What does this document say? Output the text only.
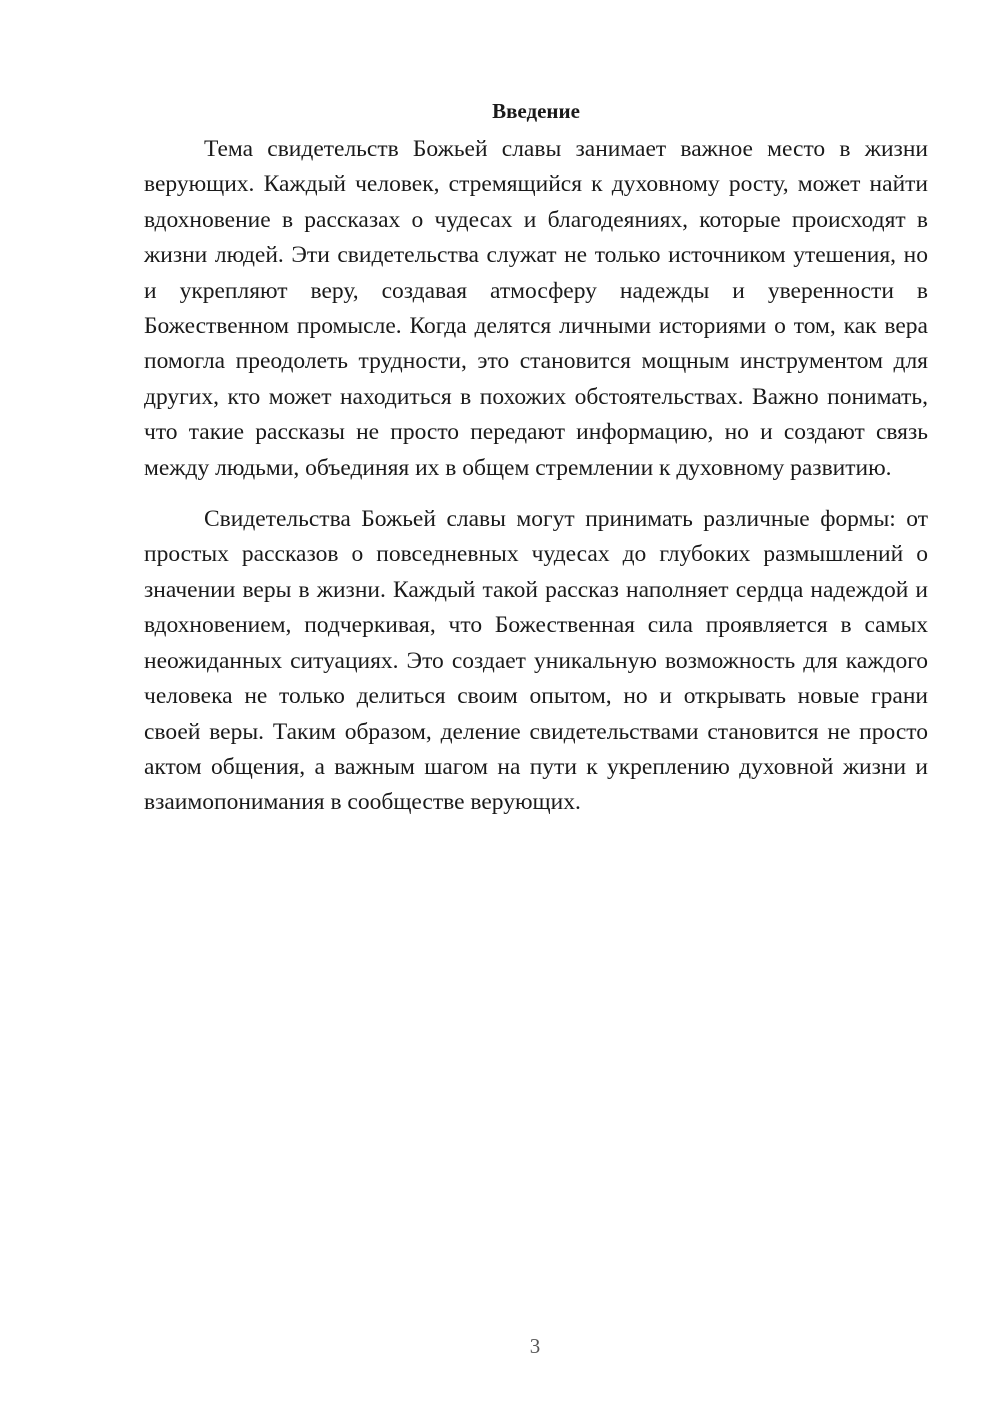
Введение

Тема свидетельств Божьей славы занимает важное место в жизни верующих. Каждый человек, стремящийся к духовному росту, может найти вдохновение в рассказах о чудесах и благодеяниях, которые происходят в жизни людей. Эти свидетельства служат не только источником утешения, но и укрепляют веру, создавая атмосферу надежды и уверенности в Божественном промысле. Когда делятся личными историями о том, как вера помогла преодолеть трудности, это становится мощным инструментом для других, кто может находиться в похожих обстоятельствах. Важно понимать, что такие рассказы не просто передают информацию, но и создают связь между людьми, объединяя их в общем стремлении к духовному развитию.

Свидетельства Божьей славы могут принимать различные формы: от простых рассказов о повседневных чудесах до глубоких размышлений о значении веры в жизни. Каждый такой рассказ наполняет сердца надеждой и вдохновением, подчеркивая, что Божественная сила проявляется в самых неожиданных ситуациях. Это создает уникальную возможность для каждого человека не только делиться своим опытом, но и открывать новые грани своей веры. Таким образом, деление свидетельствами становится не просто актом общения, а важным шагом на пути к укреплению духовной жизни и взаимопонимания в сообществе верующих.

3
